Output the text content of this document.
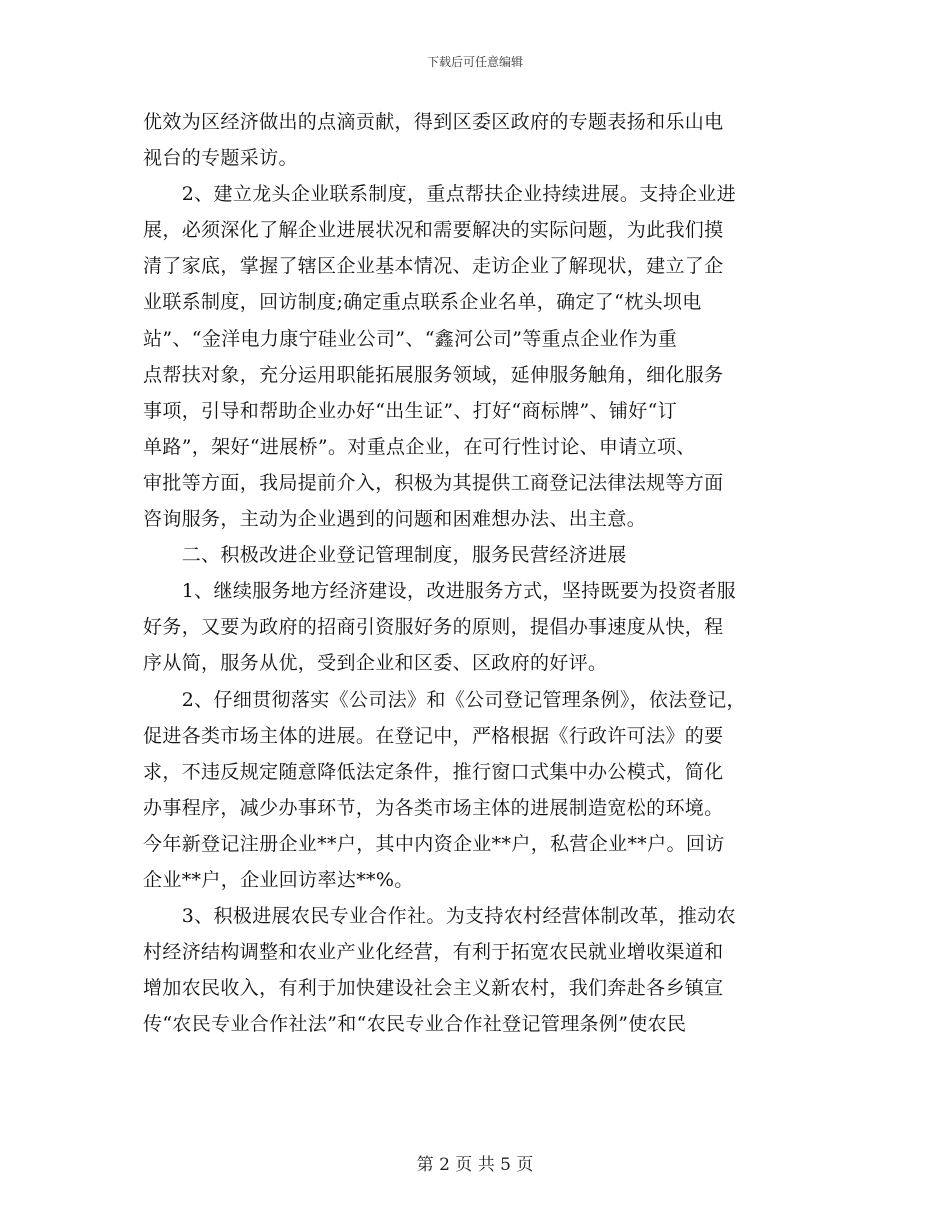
下载后可任意编辑
优效为区经济做出的点滴贡献，得到区委区政府的专题表扬和乐山电
视台的专题采访。
　　2、建立龙头企业联系制度，重点帮扶企业持续进展。支持企业进
展，必须深化了解企业进展状况和需要解决的实际问题，为此我们摸
清了家底，掌握了辖区企业基本情况、走访企业了解现状，建立了企
业联系制度，回访制度;确定重点联系企业名单，确定了“枕头坝电
站”、“金洋电力康宁硅业公司”、“鑫河公司”等重点企业作为重
点帮扶对象，充分运用职能拓展服务领域，延伸服务触角，细化服务
事项，引导和帮助企业办好“出生证”、打好“商标牌”、铺好“订
单路”，架好“进展桥”。对重点企业，在可行性讨论、申请立项、
审批等方面，我局提前介入，积极为其提供工商登记法律法规等方面
咨询服务，主动为企业遇到的问题和困难想办法、出主意。
　　二、积极改进企业登记管理制度，服务民营经济进展
　　1、继续服务地方经济建设，改进服务方式，坚持既要为投资者服
好务，又要为政府的招商引资服好务的原则，提倡办事速度从快，程
序从简，服务从优，受到企业和区委、区政府的好评。
　　2、仔细贯彻落实《公司法》和《公司登记管理条例》，依法登记，
促进各类市场主体的进展。在登记中，严格根据《行政许可法》的要
求，不违反规定随意降低法定条件，推行窗口式集中办公模式，简化
办事程序，减少办事环节，为各类市场主体的进展制造宽松的环境。
今年新登记注册企业**户，其中内资企业**户，私营企业**户。回访
企业**户，企业回访率达**%。
　　3、积极进展农民专业合作社。为支持农村经营体制改革，推动农
村经济结构调整和农业产业化经营，有利于拓宽农民就业增收渠道和
增加农民收入，有利于加快建设社会主义新农村，我们奔赴各乡镇宣
传“农民专业合作社法”和“农民专业合作社登记管理条例”使农民
第 2 页 共 5 页
